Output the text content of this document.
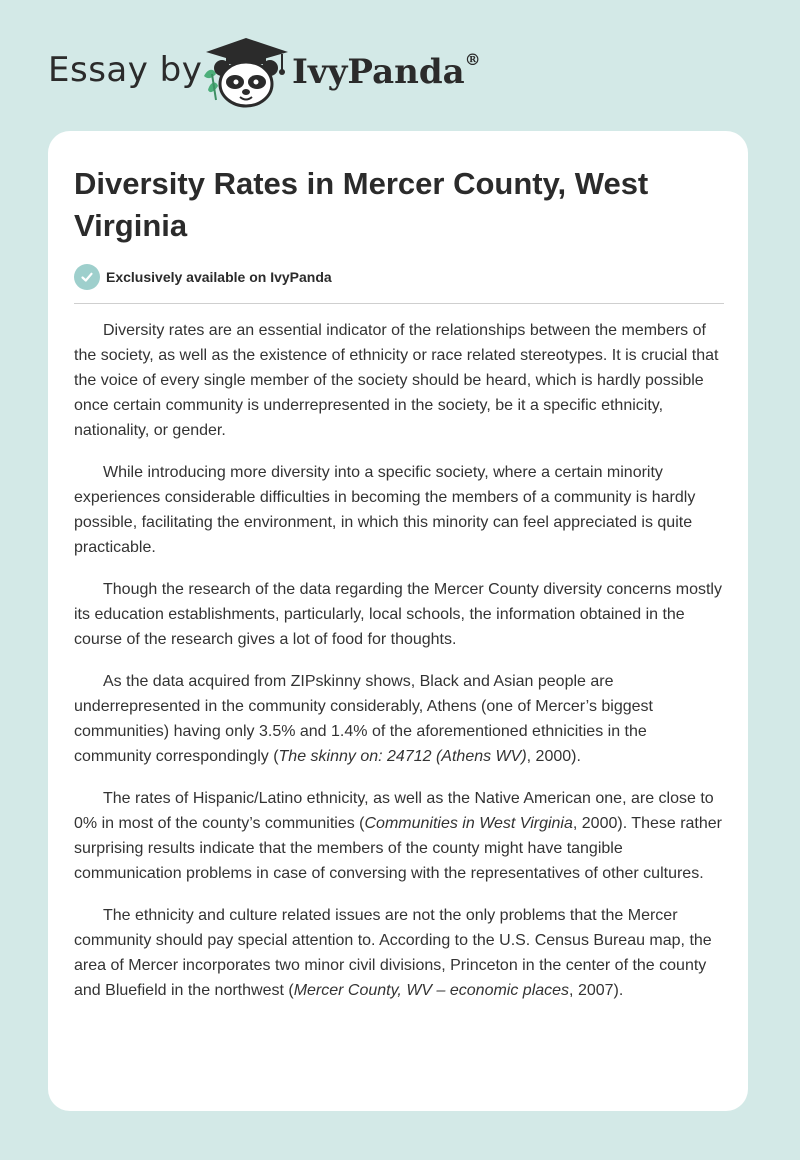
Essay by	IvyPanda®
Diversity Rates in Mercer County, West Virginia
Exclusively available on IvyPanda

Diversity rates are an essential indicator of the relationships between the members of the society, as well as the existence of ethnicity or race related stereotypes. It is crucial that the voice of every single member of the society should be heard, which is hardly possible once certain community is underrepresented in the society, be it a specific ethnicity, nationality, or gender.

While introducing more diversity into a specific society, where a certain minority experiences considerable difficulties in becoming the members of a community is hardly possible, facilitating the environment, in which this minority can feel appreciated is quite practicable.

Though the research of the data regarding the Mercer County diversity concerns mostly its education establishments, particularly, local schools, the information obtained in the course of the research gives a lot of food for thoughts.

As the data acquired from ZIPskinny shows, Black and Asian people are underrepresented in the community considerably, Athens (one of Mercer’s biggest communities) having only 3.5% and 1.4% of the aforementioned ethnicities in the community correspondingly (The skinny on: 24712 (Athens WV), 2000).

The rates of Hispanic/Latino ethnicity, as well as the Native American one, are close to 0% in most of the county’s communities (Communities in West Virginia, 2000). These rather surprising results indicate that the members of the county might have tangible communication problems in case of conversing with the representatives of other cultures.

The ethnicity and culture related issues are not the only problems that the Mercer community should pay special attention to. According to the U.S. Census Bureau map, the area of Mercer incorporates two minor civil divisions, Princeton in the center of the county and Bluefield in the northwest (Mercer County, WV – economic places, 2007).
